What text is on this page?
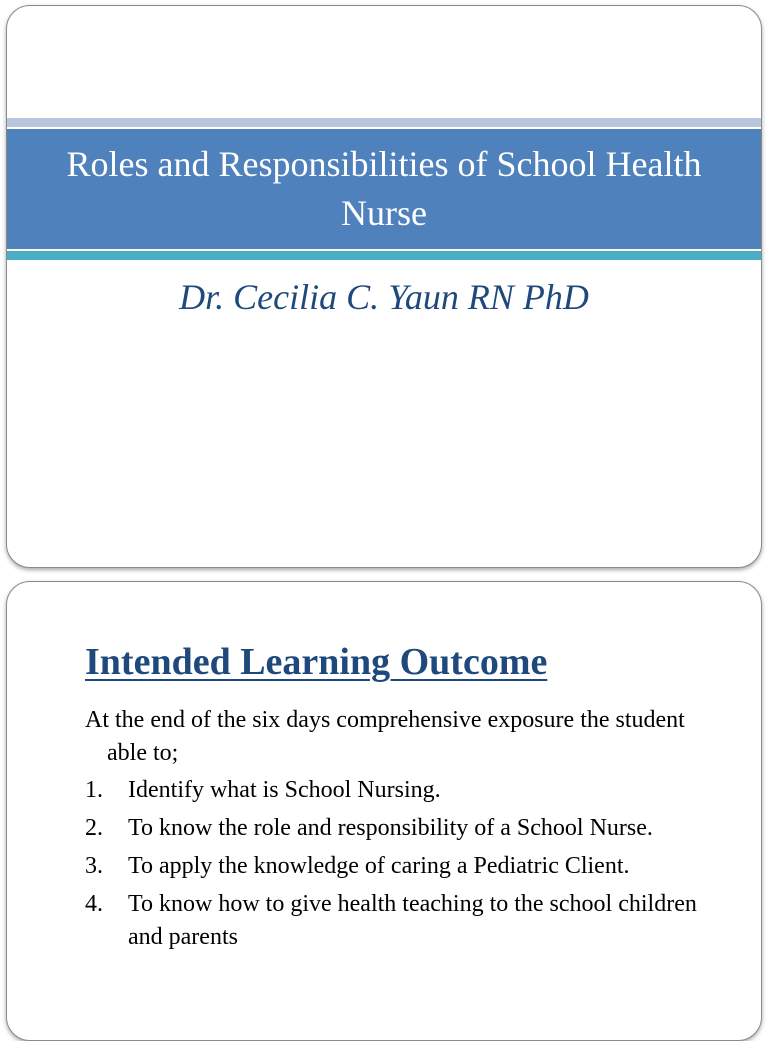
Roles and Responsibilities of School Health Nurse

Dr. Cecilia C. Yaun RN PhD

Intended Learning Outcome

At the end of the six days comprehensive exposure the student able to;

1.	Identify what is School Nursing.
2.	To know the role and responsibility of a School Nurse.
3.	To apply the knowledge of caring a Pediatric Client.
4.	To know how to give health teaching to the school children and parents
